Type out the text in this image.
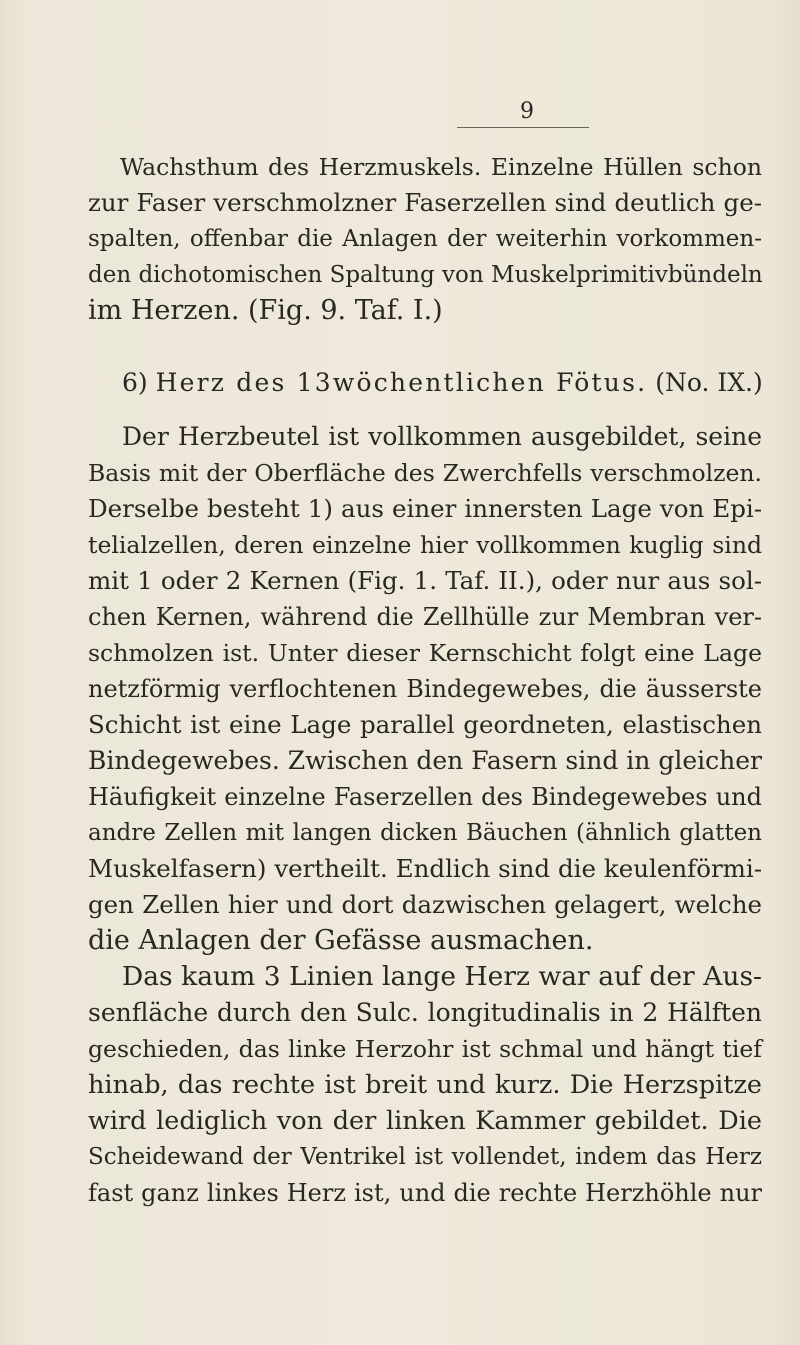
9
Wachsthum des Herzmuskels. Einzelne Hüllen schon
zur Faser verschmolzner Faserzellen sind deutlich ge-
spalten, offenbar die Anlagen der weiterhin vorkommen-
den dichotomischen Spaltung von Muskelprimitivbündeln
im Herzen. (Fig. 9. Taf. I.)
6) Herz des 13wöchentlichen Fötus. (No. IX.)
Der Herzbeutel ist vollkommen ausgebildet, seine
Basis mit der Oberfläche des Zwerchfells verschmolzen.
Derselbe besteht 1) aus einer innersten Lage von Epi-
telialzellen, deren einzelne hier vollkommen kuglig sind
mit 1 oder 2 Kernen (Fig. 1. Taf. II.), oder nur aus sol-
chen Kernen, während die Zellhülle zur Membran ver-
schmolzen ist. Unter dieser Kernschicht folgt eine Lage
netzförmig verflochtenen Bindegewebes, die äusserste
Schicht ist eine Lage parallel geordneten, elastischen
Bindegewebes. Zwischen den Fasern sind in gleicher
Häufigkeit einzelne Faserzellen des Bindegewebes und
andre Zellen mit langen dicken Bäuchen (ähnlich glatten
Muskelfasern) vertheilt. Endlich sind die keulenförmi-
gen Zellen hier und dort dazwischen gelagert, welche
die Anlagen der Gefässe ausmachen.
Das kaum 3 Linien lange Herz war auf der Aus-
senfläche durch den Sulc. longitudinalis in 2 Hälften
geschieden, das linke Herzohr ist schmal und hängt tief
hinab, das rechte ist breit und kurz. Die Herzspitze
wird lediglich von der linken Kammer gebildet. Die
Scheidewand der Ventrikel ist vollendet, indem das Herz
fast ganz linkes Herz ist, und die rechte Herzhöhle nur
